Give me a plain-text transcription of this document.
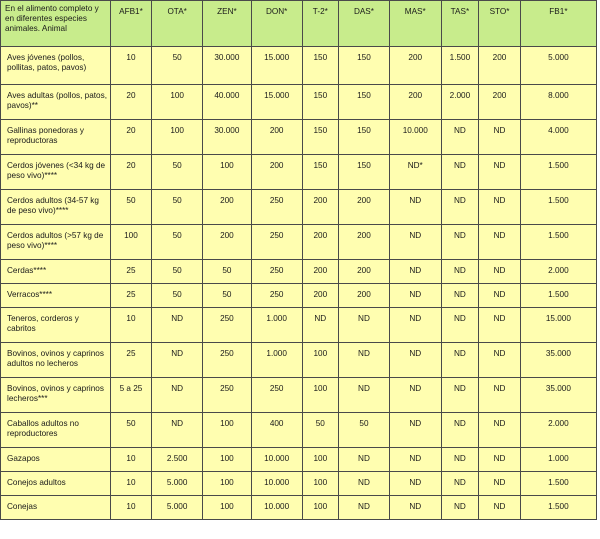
En el alimento completo y en diferentes especies animales. Animal	AFB1*	OTA*	ZEN*	DON*	T-2*	DAS*	MAS*	TAS*	STO*	FB1*
Aves jóvenes (pollos, pollitas, patos, pavos)	10	50	30.000	15.000	150	150	200	1.500	200	5.000
Aves adultas (pollos, patos, pavos)**	20	100	40.000	15.000	150	150	200	2.000	200	8.000
Gallinas ponedoras y reproductoras	20	100	30.000	200	150	150	10.000	ND	ND	4.000
Cerdos jóvenes (<34 kg de peso vivo)****	20	50	100	200	150	150	ND*	ND	ND	1.500
Cerdos adultos (34-57 kg de peso vivo)****	50	50	200	250	200	200	ND	ND	ND	1.500
Cerdos adultos (>57 kg de peso vivo)****	100	50	200	250	200	200	ND	ND	ND	1.500
Cerdas****	25	50	50	250	200	200	ND	ND	ND	2.000
Verracos****	25	50	50	250	200	200	ND	ND	ND	1.500
Teneros, corderos y cabritos	10	ND	250	1.000	ND	ND	ND	ND	ND	15.000
Bovinos, ovinos y caprinos adultos no lecheros	25	ND	250	1.000	100	ND	ND	ND	ND	35.000
Bovinos, ovinos y caprinos lecheros***	5 a 25	ND	250	250	100	ND	ND	ND	ND	35.000
Caballos adultos no reproductores	50	ND	100	400	50	50	ND	ND	ND	2.000
Gazapos	10	2.500	100	10.000	100	ND	ND	ND	ND	1.000
Conejos adultos	10	5.000	100	10.000	100	ND	ND	ND	ND	1.500
Conejas	10	5.000	100	10.000	100	ND	ND	ND	ND	1.500
